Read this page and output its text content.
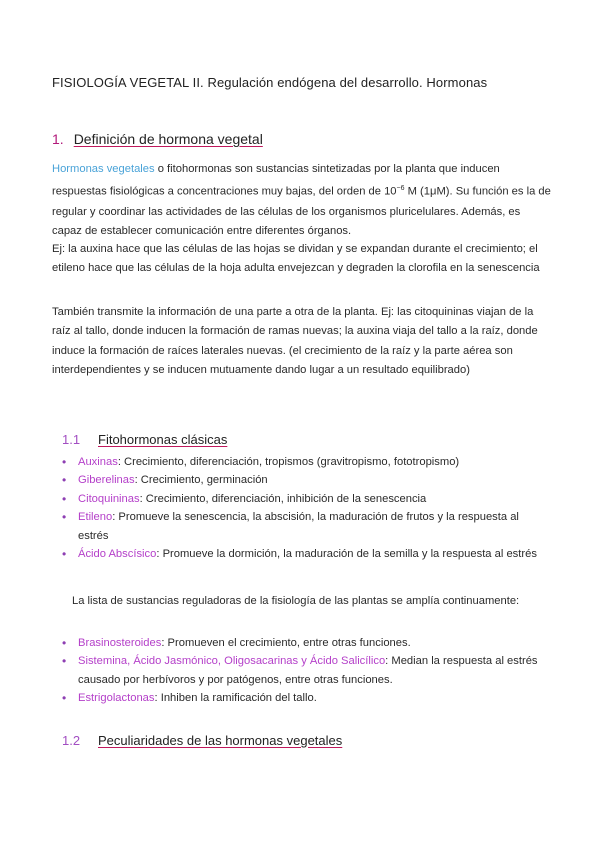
FISIOLOGÍA VEGETAL II. Regulación endógena del desarrollo. Hormonas
1. Definición de hormona vegetal

Hormonas vegetales o fitohormonas son sustancias sintetizadas por la planta que inducen respuestas fisiológicas a concentraciones muy bajas, del orden de $10^{-6}$ M (1μM). Su función es la de regular y coordinar las actividades de las células de los organismos pluricelulares. Además, es capaz de establecer comunicación entre diferentes órganos.

Ej: la auxina hace que las células de las hojas se dividan y se expandan durante el crecimiento; el etileno hace que las células de la hoja adulta envejezcan y degraden la clorofila en la senescencia

También transmite la información de una parte a otra de la planta. Ej: las citoquininas viajan de la raíz al tallo, donde inducen la formación de ramas nuevas; la auxina viaja del tallo a la raíz, donde induce la formación de raíces laterales nuevas. (el crecimiento de la raíz y la parte aérea son interdependientes y se inducen mutuamente dando lugar a un resultado equilibrado)

1.1 Fitohormonas clásicas
• Auxinas: Crecimiento, diferenciación, tropismos (gravitropismo, fototropismo)
• Giberelinas: Crecimiento, germinación
• Citoquininas: Crecimiento, diferenciación, inhibición de la senescencia
• Etileno: Promueve la senescencia, la abscisión, la maduración de frutos y la respuesta al estrés
• Ácido Abscísico: Promueve la dormición, la maduración de la semilla y la respuesta al estrés

La lista de sustancias reguladoras de la fisiología de las plantas se amplía continuamente:

• Brasinosteroides: Promueven el crecimiento, entre otras funciones.
• Sistemina, Ácido Jasmónico, Oligosacarinas y Ácido Salicílico: Median la respuesta al estrés causado por herbívoros y por patógenos, entre otras funciones.
• Estrigolactonas: Inhiben la ramificación del tallo.
1.2 Peculiaridades de las hormonas vegetales
